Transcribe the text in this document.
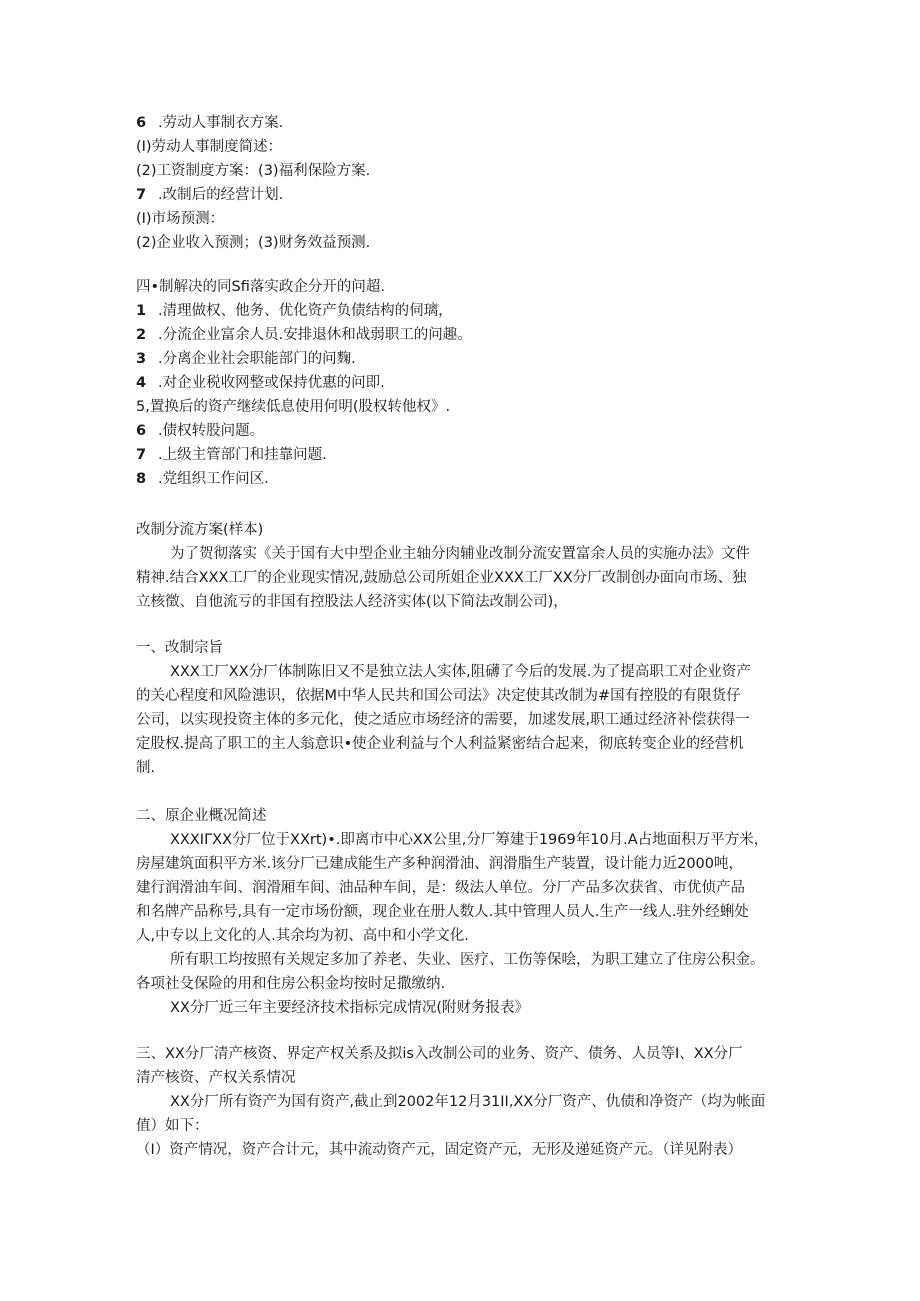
6 .劳动人事制衣方案.
(I)劳动人事制度简述：
(2)工资制度方案：(3)福利保险方案.
7 .改制后的经营计划.
(I)市场预测：
(2)企业收入预测；(3)财务效益预测.
四•制解决的同Sfi落实政企分开的问超.
1 .清理做权、他务、优化资产负债结构的伺璃，
2 .分流企业富余人员.安排退休和战弱职工的问趣。
3 .分离企业社会职能部门的问麴.
4 .对企业税收网整或保持优惠的问即.
5,置换后的资产继续低息使用何明(股权转他权》.
6 .债权转股问题。
7 .上级主管部门和挂靠问题.
8 .党组织工作问区.
改制分流方案(样本)
为了贺彻落实《关于国有大中型企业主轴分肉辅业改制分流安置富余人员的实施办法》文件
精神.结合XXX工厂的企业现实情况,鼓励总公司所姐企业XXX工厂XX分厂改制创办面向市场、独
立核徵、自他流亏的非国有控股法人经济实体(以下简法改制公司)，
一、改制宗旨
XXX工厂XX分厂体制陈旧又不是独立法人实体,阻礴了今后的发展.为了提高职工对企业资产
的关心程度和风险漶识，依据M中华人民共和国公司法》决定使其改制为#国有控股的有限货仔
公司，以实现投资主体的多元化，使之适应市场经济的需要，加逑发展,职工通过经济补偿获得一
定股权.提高了职工的主人翁意识•使企业利益与个人利益紧密结合起来，彻底转变企业的经营机
制.
二、原企业概况简述
XXXIΓXX分厂位于XXrt)•.即离市中心XX公里,分厂筹建于1969年10月.A占地面积万平方米，
房屋建筑面积平方米.该分厂已建成能生产多种润滑油、润滑脂生产装置，设计能力近2000吨，
建行润滑油车间、润滑厢车间、油品种车间，是：级法人单位。分厂产品多次获省、市优侦产品
和名牌产品称号,具有一定市场份额，现企业在册人数人.其中管理人员人.生产一线人.驻外经蜊处
人,中专以上文化的人.其余均为初、高中和小学文化.
所有职工均按照有关规定多加了养老、失业、医疗、工伤等保哙，为职工建立了住房公积金。
各项社殳保险的用和住房公积金均按时足撒缴纳.
XX分厂近三年主要经济技术指标完成情况(附财务报表》
三、XX分厂清产核资、界定产权关系及拟is入改制公司的业务、资产、债务、人员等I、XX分厂
清产核资、产权关系情况
XX分厂所有资产为国有资产,截止到2002年12月31II,XX分厂资产、仇债和净资产（均为帐面
值）如下：
（I）资产情况，资产合计元，其中流动资产元，固定资产元，无形及递延资产元。（详见附表）
